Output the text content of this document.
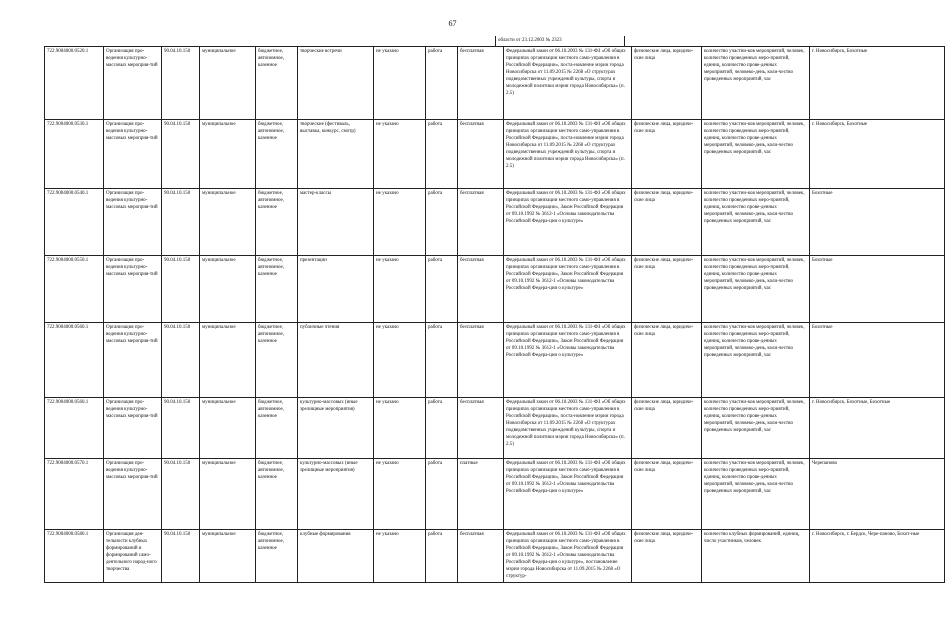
67
области от 23.12.2003 № 2323
722.9004000.0520.1	Организация про-ведения культурно-массовых мероприя-тий	90.04.10.150	муниципальное	бюджетное, автономное, казенное	творческие встречи	не указано	работа	бесплатная	Федеральный закон от 06.10.2003 № 131-ФЗ «Об общих принципах организации местного само-управления в Российской Федерации», поста-новление мэрии города Новосибирска от 11.09.2015 № 2268 «О структурах подведомственных учреждений культуры, спорта и молодежной политики мэрии города Новосибирска» (п. 2.5)	физические лица, юридиче-ские лица	количество участни-ков мероприятий, человек, количество проведенных меро-приятий, единиц, количество прове-денных мероприятий, человеко-день, коли-чество проведенных мероприятий, час	г. Новосибирск, Бохотные
722.9004000.0530.1	Организация про-ведения культурно-массовых мероприя-тий	90.04.10.150	муниципальное	бюджетное, автономное, казенное	творческие (фестиваль, выставка, конкурс, смотр)	не указано	работа	бесплатная	Федеральный закон от 06.10.2003 № 131-ФЗ «Об общих принципах организации местного само-управления в Российской Федерации», поста-новление мэрии города Новосибирска от 11.09.2015 № 2268 «О структурах подведомственных учреждений культуры, спорта и молодежной политики мэрии города Новосибирска» (п. 2.5)	физические лица, юридиче-ские лица	количество участни-ков мероприятий, человек, количество проведенных меро-приятий, единиц, количество прове-денных мероприятий, человеко-день, коли-чество проведенных мероприятий, час	г. Новосибирск, Бохотные
722.9004000.0540.1	Организация про-ведения культурно-массовых мероприя-тий	90.04.10.150	муниципальное	бюджетное, автономное, казенное	мастер-классы	не указано	работа	бесплатная	Федеральный закон от 06.10.2003 № 131-ФЗ «Об общих принципах организации местного само-управления в Российской Федерации», Закон Российской Федерации от 09.10.1992 № 3612-1 «Основы законодательства Российской Федера-ции о культуре»	физические лица, юридиче-ские лица	количество участни-ков мероприятий, человек, количество проведенных меро-приятий, единиц, количество прове-денных мероприятий, человеко-день, коли-чество проведенных мероприятий, час	Бохотные
722.9004000.0550.1	Организация про-ведения культурно-массовых мероприя-тий	90.04.10.150	муниципальное	бюджетное, автономное, казенное	презентации	не указано	работа	бесплатная	Федеральный закон от 06.10.2003 № 131-ФЗ «Об общих принципах организации местного само-управления в Российской Федерации», Закон Российской Федерации от 09.10.1992 № 3612-1 «Основы законодательства Российской Федера-ции о культуре»	физические лица, юридиче-ские лица	количество участни-ков мероприятий, человек, количество проведенных меро-приятий, единиц, количество прове-денных мероприятий, человеко-день, коли-чество проведенных мероприятий, час	Бохотные
722.9004000.0560.1	Организация про-ведения культурно-массовых мероприя-тий	90.04.10.150	муниципальное	бюджетное, автономное, казенное	публичные чтения	не указано	работа	бесплатная	Федеральный закон от 06.10.2003 № 131-ФЗ «Об общих принципах организации местного само-управления в Российской Федерации», Закон Российской Федерации от 09.10.1992 № 3612-1 «Основы законодательства Российской Федера-ции о культуре»	физические лица, юридиче-ские лица	количество участни-ков мероприятий, человек, количество проведенных меро-приятий, единиц, количество прове-денных мероприятий, человеко-день, коли-чество проведенных мероприятий, час	Бохотные
722.9004000.0560.1	Организация про-ведения культурно-массовых мероприя-тий	90.04.10.150	муниципальное	бюджетное, автономное, казенное	культурно-массовых (иные зрелищные мероприятия)	не указано	работа	бесплатная	Федеральный закон от 06.10.2003 № 131-ФЗ «Об общих принципах организации местного само-управления в Российской Федерации», поста-новление мэрии города Новосибирска от 11.09.2015 № 2268 «О структурах подведомственных учреждений культуры, спорта и молодежной политики мэрии города Новосибирска» (п. 2.5)	физические лица, юридиче-ские лица	количество участни-ков мероприятий, человек, количество проведенных меро-приятий, единиц, количество прове-денных мероприятий, человеко-день, коли-чество проведенных мероприятий, час	г. Новосибирск, Бохотные, Бохотные
722.9004000.0570.1	Организация про-ведения культурно-массовых мероприя-тий	90.04.10.150	муниципальное	бюджетное, автономное, казенное	культурно-массовых (иные зрелищные мероприятия)	не указано	работа	платные	Федеральный закон от 06.10.2003 № 131-ФЗ «Об общих принципах организации местного само-управления в Российской Федерации», Закон Российской Федерации от 09.10.1992 № 3612-1 «Основы законодательства Российской Федера-ции о культуре»	физические лица, юридиче-ские лица	количество участни-ков мероприятий, человек, количество проведенных меро-приятий, единиц, количество прове-денных мероприятий, человеко-день, коли-чество проведенных мероприятий, час	Черепаново
722.9004000.0580.1	Организация дея-тельности клубных формирований и формирований само-деятельного народ-ного творчества	90.04.10.150	муниципальное	бюджетное, автономное, казенное	клубные формирования	не указано	работа	бесплатная	Федеральный закон от 06.10.2003 № 131-ФЗ «Об общих принципах организации местного само-управления в Российской Федерации», Закон Российской Федерации от 09.10.1992 № 3612-1 «Основы законодательства Российской Федера-ции о культуре», постановление мэрии города Новосибирска от 11.09.2015 № 2268 «О структур-	физические лица, юридиче-ские лица	количество клубных формирований, единиц, число участников, человек	г. Новосибирск, г. Бердск, Чере-паново, Бохот-ные
